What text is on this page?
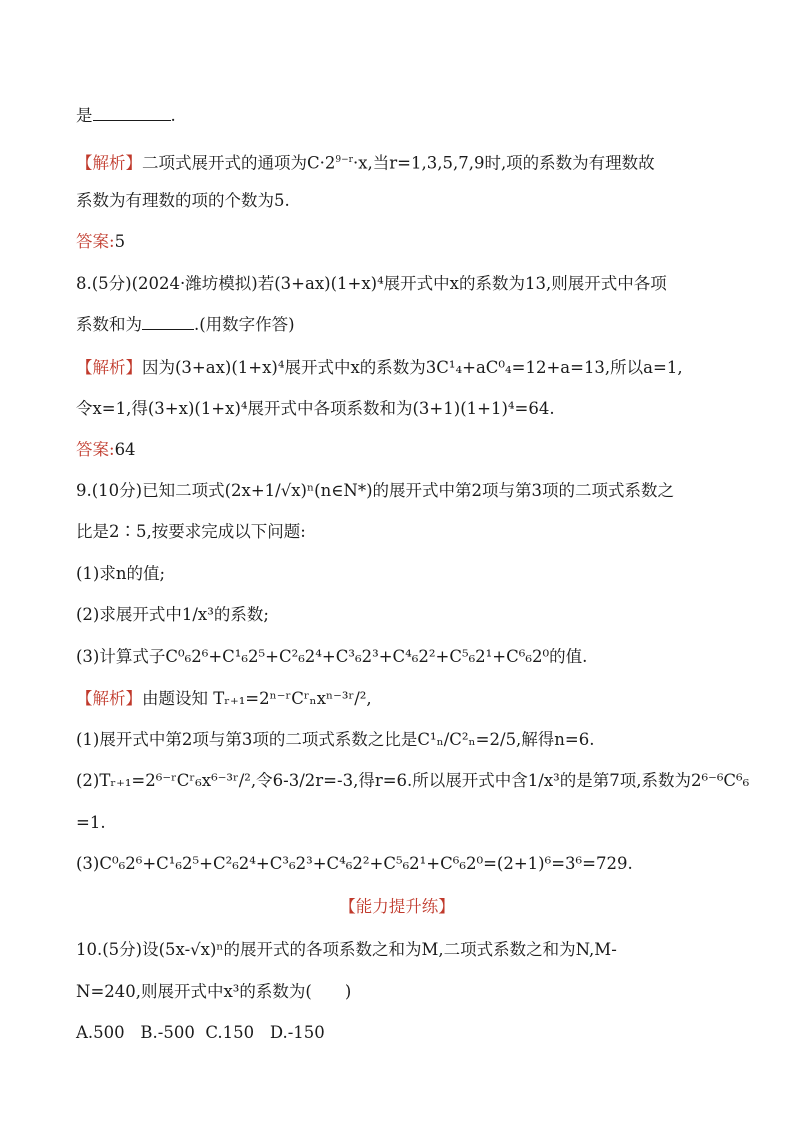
是	.
【解析】二项式展开式的通项为$C\cdot 2^{9-r}\cdot x$,当r=1,3,5,7,9时,项的系数为有理数故
系数为有理数的项的个数为5.
答案:5
8.(5分)(2024·潍坊模拟)若(3+ax)(1+x)⁴展开式中x的系数为13,则展开式中各项
系数和为	.(用数字作答)
【解析】因为(3+ax)(1+x)⁴展开式中x的系数为3C¹₄+aC⁰₄=12+a=13,所以a=1,
令x=1,得(3+x)(1+x)⁴展开式中各项系数和为(3+1)(1+1)⁴=64.
答案:64
9.(10分)已知二项式(2x+1/√x)ⁿ(n∈N*)的展开式中第2项与第3项的二项式系数之
比是2∶5,按要求完成以下问题:
(1)求n的值;
(2)求展开式中1/x³的系数;
(3)计算式子C⁰₆2⁶+C¹₆2⁵+C²₆2⁴+C³₆2³+C⁴₆2²+C⁵₆2¹+C⁶₆2⁰的值.
【解析】由题设知 Tᵣ₊₁=2ⁿ⁻ʳCʳₙxⁿ⁻³ʳ/²,
(1)展开式中第2项与第3项的二项式系数之比是C¹ₙ/C²ₙ=2/5,解得n=6.
(2)Tᵣ₊₁=2⁶⁻ʳCʳ₆x⁶⁻³ʳ/²,令6-3/2r=-3,得r=6.所以展开式中含1/x³的是第7项,系数为2⁶⁻⁶C⁶₆
=1.
(3)C⁰₆2⁶+C¹₆2⁵+C²₆2⁴+C³₆2³+C⁴₆2²+C⁵₆2¹+C⁶₆2⁰=(2+1)⁶=3⁶=729.
【能力提升练】
10.(5分)设(5x-√x)ⁿ的展开式的各项系数之和为M,二项式系数之和为N,M-
N=240,则展开式中x³的系数为(　　)
A.500   B.-500  C.150   D.-150
